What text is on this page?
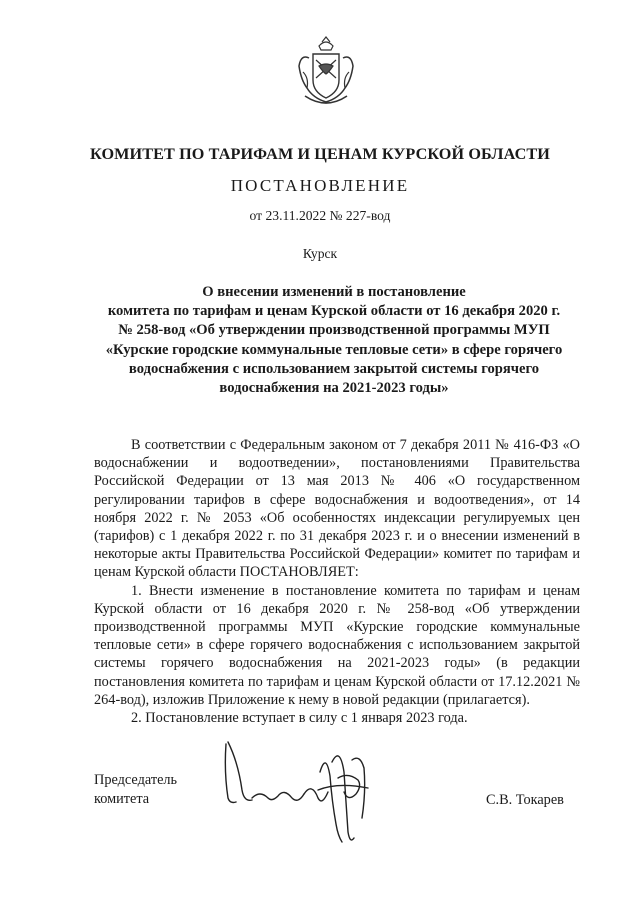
КОМИТЕТ ПО ТАРИФАМ И ЦЕНАМ КУРСКОЙ ОБЛАСТИ
ПОСТАНОВЛЕНИЕ
от 23.11.2022 № 227-вод
Курск
О внесении изменений в постановление
комитета по тарифам и ценам Курской области от 16 декабря 2020 г.
№ 258-вод «Об утверждении производственной программы МУП
«Курские городские коммунальные тепловые сети» в сфере горячего
водоснабжения с использованием закрытой системы горячего
водоснабжения на 2021-2023 годы»

В соответствии с Федеральным законом от 7 декабря 2011 № 416-ФЗ «О водоснабжении и водоотведении», постановлениями Правительства Российской Федерации от 13 мая 2013 № 406 «О государственном регулировании тарифов в сфере водоснабжения и водоотведения», от 14 ноября 2022 г. № 2053 «Об особенностях индексации регулируемых цен (тарифов) с 1 декабря 2022 г. по 31 декабря 2023 г. и о внесении изменений в некоторые акты Правительства Российской Федерации» комитет по тарифам и ценам Курской области ПОСТАНОВЛЯЕТ:

1. Внести изменение в постановление комитета по тарифам и ценам Курской области от 16 декабря 2020 г. № 258-вод «Об утверждении производственной программы МУП «Курские городские коммунальные тепловые сети» в сфере горячего водоснабжения с использованием закрытой системы горячего водоснабжения на 2021-2023 годы» (в редакции постановления комитета по тарифам и ценам Курской области от 17.12.2021 № 264-вод), изложив Приложение к нему в новой редакции (прилагается).

2. Постановление вступает в силу с 1 января 2023 года.

Председатель
комитета	С.В. Токарев
